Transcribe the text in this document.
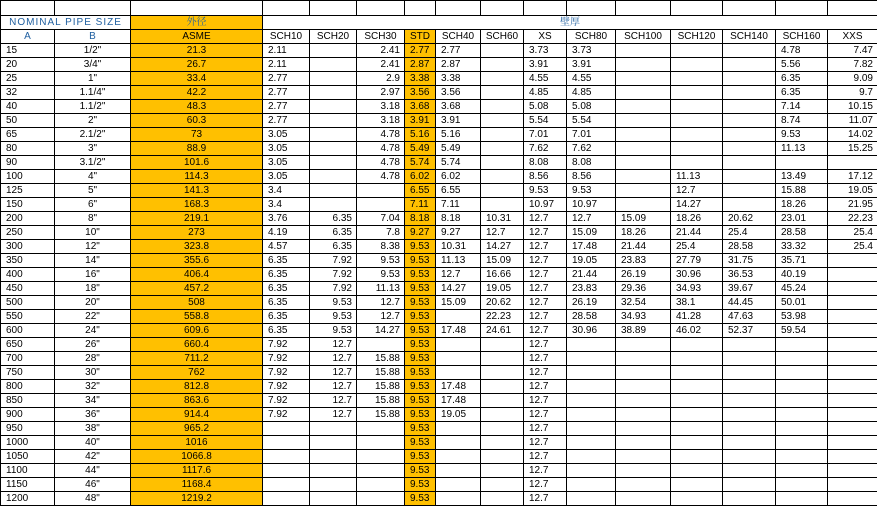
NOMINAL PIPE SIZE		外径	壁厚												
A	B	ASME	SCH10	SCH20	SCH30	STD	SCH40	SCH60	XS	SCH80	SCH100	SCH120	SCH140	SCH160	XXS
15	1/2"	21.3	2.11		2.41	2.77	2.77		3.73	3.73				4.78	7.47
20	3/4"	26.7	2.11		2.41	2.87	2.87		3.91	3.91				5.56	7.82
25	1"	33.4	2.77		2.9	3.38	3.38		4.55	4.55				6.35	9.09
32	1.1/4"	42.2	2.77		2.97	3.56	3.56		4.85	4.85				6.35	9.7
40	1.1/2"	48.3	2.77		3.18	3.68	3.68		5.08	5.08				7.14	10.15
50	2"	60.3	2.77		3.18	3.91	3.91		5.54	5.54				8.74	11.07
65	2.1/2"	73	3.05		4.78	5.16	5.16		7.01	7.01				9.53	14.02
80	3"	88.9	3.05		4.78	5.49	5.49		7.62	7.62				11.13	15.25
90	3.1/2"	101.6	3.05		4.78	5.74	5.74		8.08	8.08					
100	4"	114.3	3.05		4.78	6.02	6.02		8.56	8.56		11.13		13.49	17.12
125	5"	141.3	3.4			6.55	6.55		9.53	9.53		12.7		15.88	19.05
150	6"	168.3	3.4			7.11	7.11		10.97	10.97		14.27		18.26	21.95
200	8"	219.1	3.76	6.35	7.04	8.18	8.18	10.31	12.7	12.7	15.09	18.26	20.62	23.01	22.23
250	10"	273	4.19	6.35	7.8	9.27	9.27	12.7	12.7	15.09	18.26	21.44	25.4	28.58	25.4
300	12"	323.8	4.57	6.35	8.38	9.53	10.31	14.27	12.7	17.48	21.44	25.4	28.58	33.32	25.4
350	14"	355.6	6.35	7.92	9.53	9.53	11.13	15.09	12.7	19.05	23.83	27.79	31.75	35.71	
400	16"	406.4	6.35	7.92	9.53	9.53	12.7	16.66	12.7	21.44	26.19	30.96	36.53	40.19	
450	18"	457.2	6.35	7.92	11.13	9.53	14.27	19.05	12.7	23.83	29.36	34.93	39.67	45.24	
500	20"	508	6.35	9.53	12.7	9.53	15.09	20.62	12.7	26.19	32.54	38.1	44.45	50.01	
550	22"	558.8	6.35	9.53	12.7	9.53		22.23	12.7	28.58	34.93	41.28	47.63	53.98	
600	24"	609.6	6.35	9.53	14.27	9.53	17.48	24.61	12.7	30.96	38.89	46.02	52.37	59.54	
650	26"	660.4	7.92	12.7		9.53			12.7						
700	28"	711.2	7.92	12.7	15.88	9.53			12.7						
750	30"	762	7.92	12.7	15.88	9.53			12.7						
800	32"	812.8	7.92	12.7	15.88	9.53	17.48		12.7						
850	34"	863.6	7.92	12.7	15.88	9.53	17.48		12.7						
900	36"	914.4	7.92	12.7	15.88	9.53	19.05		12.7						
950	38"	965.2				9.53			12.7						
1000	40"	1016				9.53			12.7						
1050	42"	1066.8				9.53			12.7						
1100	44"	1117.6				9.53			12.7						
1150	46"	1168.4				9.53			12.7						
1200	48"	1219.2				9.53			12.7						
